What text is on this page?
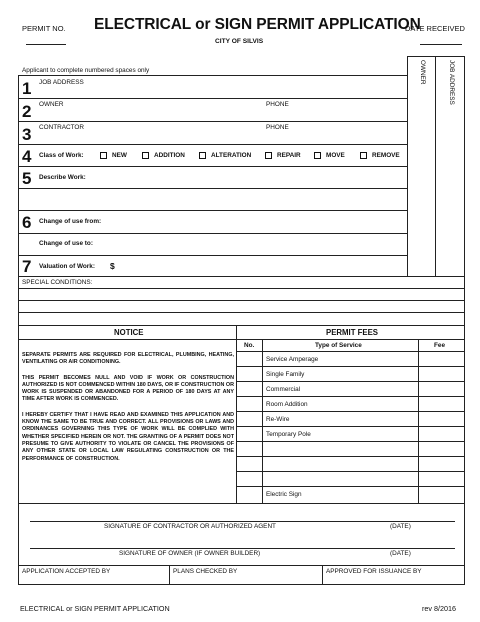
PERMIT NO. ELECTRICAL or SIGN PERMIT APPLICATION
DATE RECEIVED
CITY OF SILVIS
Applicant to complete numbered spaces only	OWNER	JOB ADDRESS
1 JOB ADDRESS
2 OWNER	PHONE
3 CONTRACTOR	PHONE
4 Class of Work:	NEW	ADDITION	ALTERATION	REPAIR	MOVE	REMOVE
5 Describe Work:
6 Change of use from:
Change of use to:
7 Valuation of Work: $
SPECIAL CONDITIONS:
NOTICE	PERMIT FEES

SEPARATE PERMITS ARE REQUIRED FOR ELECTRICAL, PLUMBING, HEATING, VENTILATING OR AIR CONDITIONING.

THIS PERMIT BECOMES NULL AND VOID IF WORK OR CONSTRUCTION AUTHORIZED IS NOT COMMENCED WITHIN 180 DAYS, OR IF CONSTRUCTION OR WORK IS SUSPENDED OR ABANDONED FOR A PERIOD OF 180 DAYS AT ANY TIME AFTER WORK IS COMMENCED.

I HEREBY CERTIFY THAT I HAVE READ AND EXAMINED THIS APPLICATION AND KNOW THE SAME TO BE TRUE AND CORRECT. ALL PROVISIONS OR LAWS AND ORDINANCES GOVERNING THIS TYPE OF WORK WILL BE COMPLIED WITH WHETHER SPECIFIED HEREIN OR NOT. THE GRANTING OF A PERMIT DOES NOT PRESUME TO GIVE AUTHORITY TO VIOLATE OR CANCEL THE PROVISIONS OF ANY OTHER STATE OR LOCAL LAW REGULATING CONSTRUCTION OR THE PERFORMANCE OF CONSTRUCTION.

No.	Type of Service	Fee
Service Amperage
Single Family
Commercial
Room Addition
Re-Wire
Temporary Pole
Electric Sign
SIGNATURE OF CONTRACTOR OR AUTHORIZED AGENT	(DATE)
SIGNATURE OF OWNER (IF OWNER BUILDER)	(DATE)
APPLICATION ACCEPTED BY	PLANS CHECKED BY	APPROVED FOR ISSUANCE BY
ELECTRICAL or SIGN PERMIT APPLICATION	rev 8/2016
